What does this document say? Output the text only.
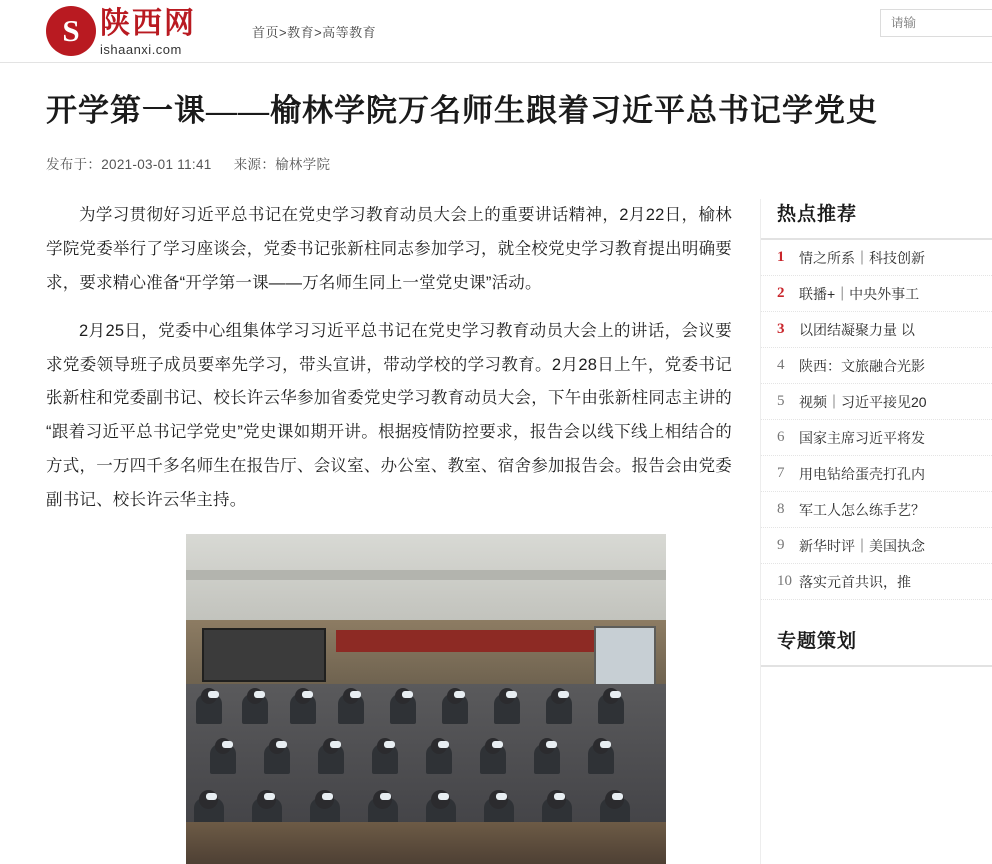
S 陕西网
ishaanxi.com
首页>教育>高等教育
请输
开学第一课——榆林学院万名师生跟着习近平总书记学党史
发布于：2021-03-01 11:41 来源：榆林学院

为学习贯彻好习近平总书记在党史学习教育动员大会上的重要讲话精神，2月22日，榆林学院党委举行了学习座谈会，党委书记张新柱同志参加学习，就全校党史学习教育提出明确要求，要求精心准备“开学第一课——万名师生同上一堂党史课”活动。

2月25日，党委中心组集体学习习近平总书记在党史学习教育动员大会上的讲话，会议要求党委领导班子成员要率先学习，带头宣讲，带动学校的学习教育。2月28日上午，党委书记张新柱和党委副书记、校长许云华参加省委党史学习教育动员大会，下午由张新柱同志主讲的“跟着习近平总书记学党史”党史课如期开讲。根据疫情防控要求，报告会以线下线上相结合的方式，一万四千多名师生在报告厅、会议室、办公室、教室、宿舍参加报告会。报告会由党委副书记、校长许云华主持。

热点推荐
1	情之所系｜科技创新
2	联播+｜中央外事工
3	以团结凝聚力量 以
4	陕西：文旅融合光影
5	视频｜习近平接见20
6	国家主席习近平将发
7	用电钻给蛋壳打孔内
8	军工人怎么练手艺？
9	新华时评｜美国执念
10 落实元首共识，推
专题策划
